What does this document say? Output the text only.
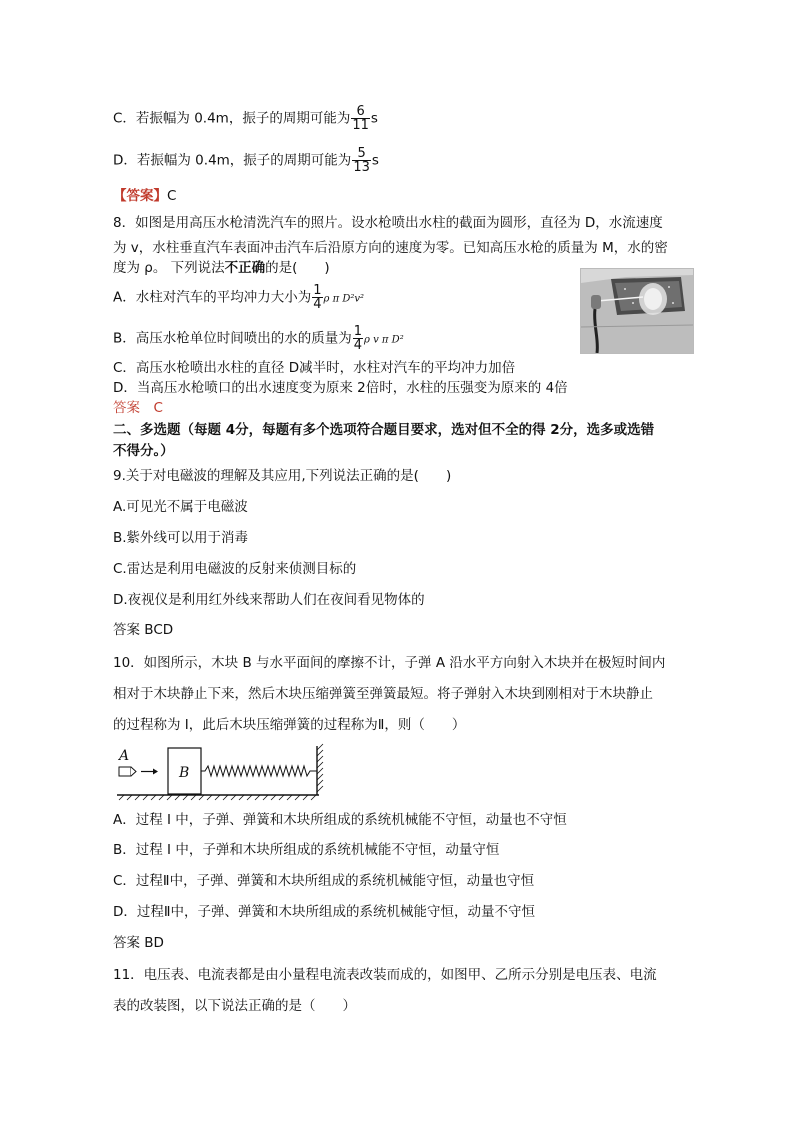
C．若振幅为 0.4m，振子的周期可能为 $\frac{6}{11}$ s
D．若振幅为 0.4m，振子的周期可能为 $\frac{5}{13}$ s
【答案】C
8．如图是用高压水枪清洗汽车的照片。设水枪喷出水柱的截面为圆形，直径为 D，水流速度
为 v，水柱垂直汽车表面冲击汽车后沿原方向的速度为零。已知高压水枪的质量为 M，水的密
度为 ρ。 下列说法不正确的是(　　)
A．水柱对汽车的平均冲力大小为 $\frac{1}{4}$ ρ π D²v²
B．高压水枪单位时间喷出的水的质量为 $\frac{1}{4}$ ρ v π D²
C．高压水枪喷出水柱的直径 D减半时，水柱对汽车的平均冲力加倍
D．当高压水枪喷口的出水速度变为原来 2倍时，水柱的压强变为原来的 4倍
答案　C
二、多选题（每题 4分，每题有多个选项符合题目要求，选对但不全的得 2分，选多或选错
不得分。）
9.关于对电磁波的理解及其应用,下列说法正确的是(　　)
A.可见光不属于电磁波
B.紫外线可以用于消毒
C.雷达是利用电磁波的反射来侦测目标的
D.夜视仪是利用红外线来帮助人们在夜间看见物体的
答案 BCD
10．如图所示，木块 B 与水平面间的摩擦不计，子弹 A 沿水平方向射入木块并在极短时间内
相对于木块静止下来，然后木块压缩弹簧至弹簧最短。将子弹射入木块到刚相对于木块静止
的过程称为 I，此后木块压缩弹簧的过程称为Ⅱ，则（　　）
A
B
A．过程 I 中，子弹、弹簧和木块所组成的系统机械能不守恒，动量也不守恒
B．过程 I 中，子弹和木块所组成的系统机械能不守恒，动量守恒
C．过程Ⅱ中，子弹、弹簧和木块所组成的系统机械能守恒，动量也守恒
D．过程Ⅱ中，子弹、弹簧和木块所组成的系统机械能守恒，动量不守恒
答案 BD
11．电压表、电流表都是由小量程电流表改装而成的，如图甲、乙所示分别是电压表、电流
表的改装图，以下说法正确的是（　　）
